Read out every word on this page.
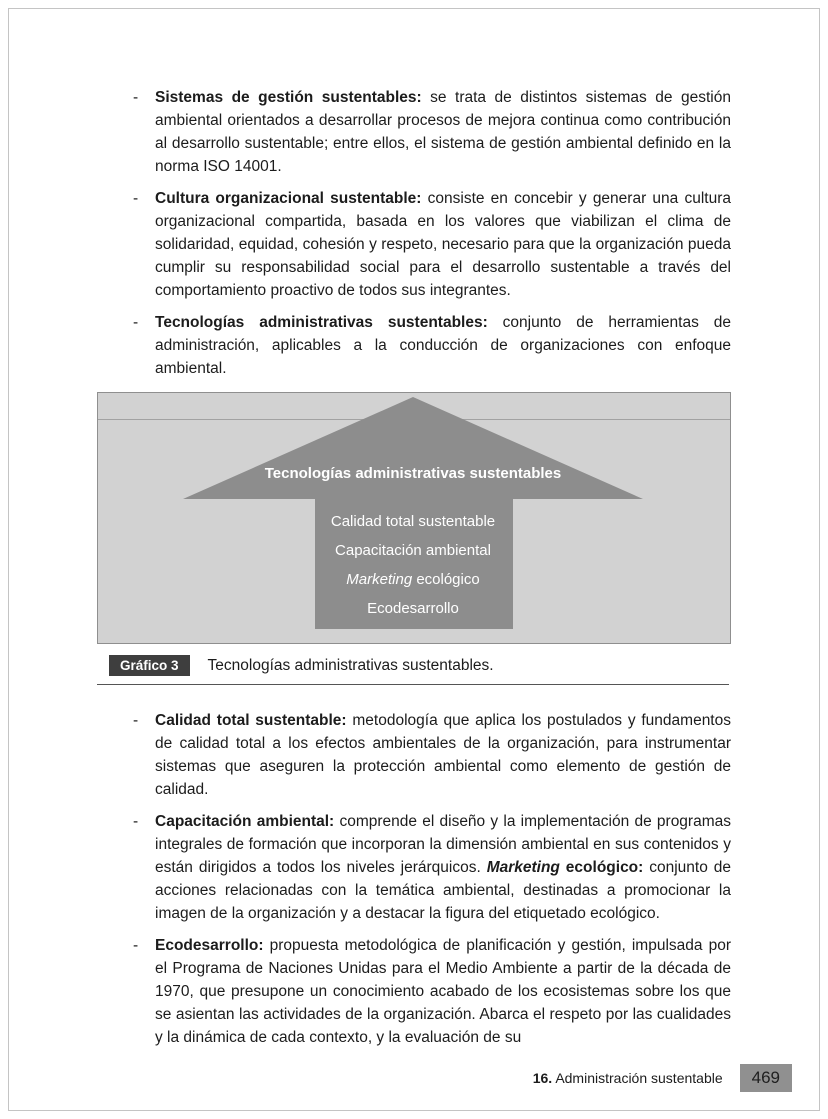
-	Sistemas de gestión sustentables: se trata de distintos sistemas de gestión ambiental orientados a desarrollar procesos de mejora continua como contribución al desarrollo sustentable; entre ellos, el sistema de gestión ambiental definido en la norma ISO 14001.

-	Cultura organizacional sustentable: consiste en concebir y generar una cultura organizacional compartida, basada en los valores que viabilizan el clima de solidaridad, equidad, cohesión y respeto, necesario para que la organización pueda cumplir su responsabilidad social para el desarrollo sustentable a través del comportamiento proactivo de todos sus integrantes.

-	Tecnologías administrativas sustentables: conjunto de herramientas de administración, aplicables a la conducción de organizaciones con enfoque ambiental.

Tecnologías administrativas sustentables
Calidad total sustentable
Capacitación ambiental
Marketing ecológico
Ecodesarrollo
Gráfico 3	Tecnologías administrativas sustentables.
-	Calidad total sustentable: metodología que aplica los postulados y fundamentos de calidad total a los efectos ambientales de la organización, para instrumentar sistemas que aseguren la protección ambiental como elemento de gestión de calidad.

-	Capacitación ambiental: comprende el diseño y la implementación de programas integrales de formación que incorporan la dimensión ambiental en sus contenidos y están dirigidos a todos los niveles jerárquicos. Marketing ecológico: conjunto de acciones relacionadas con la temática ambiental, destinadas a promocionar la imagen de la organización y a destacar la figura del etiquetado ecológico.

-	Ecodesarrollo: propuesta metodológica de planificación y gestión, impulsada por el Programa de Naciones Unidas para el Medio Ambiente a partir de la década de 1970, que presupone un conocimiento acabado de los ecosistemas sobre los que se asientan las actividades de la organización. Abarca el respeto por las cualidades y la dinámica de cada contexto, y la evaluación de su

16. Administración sustentable	469
